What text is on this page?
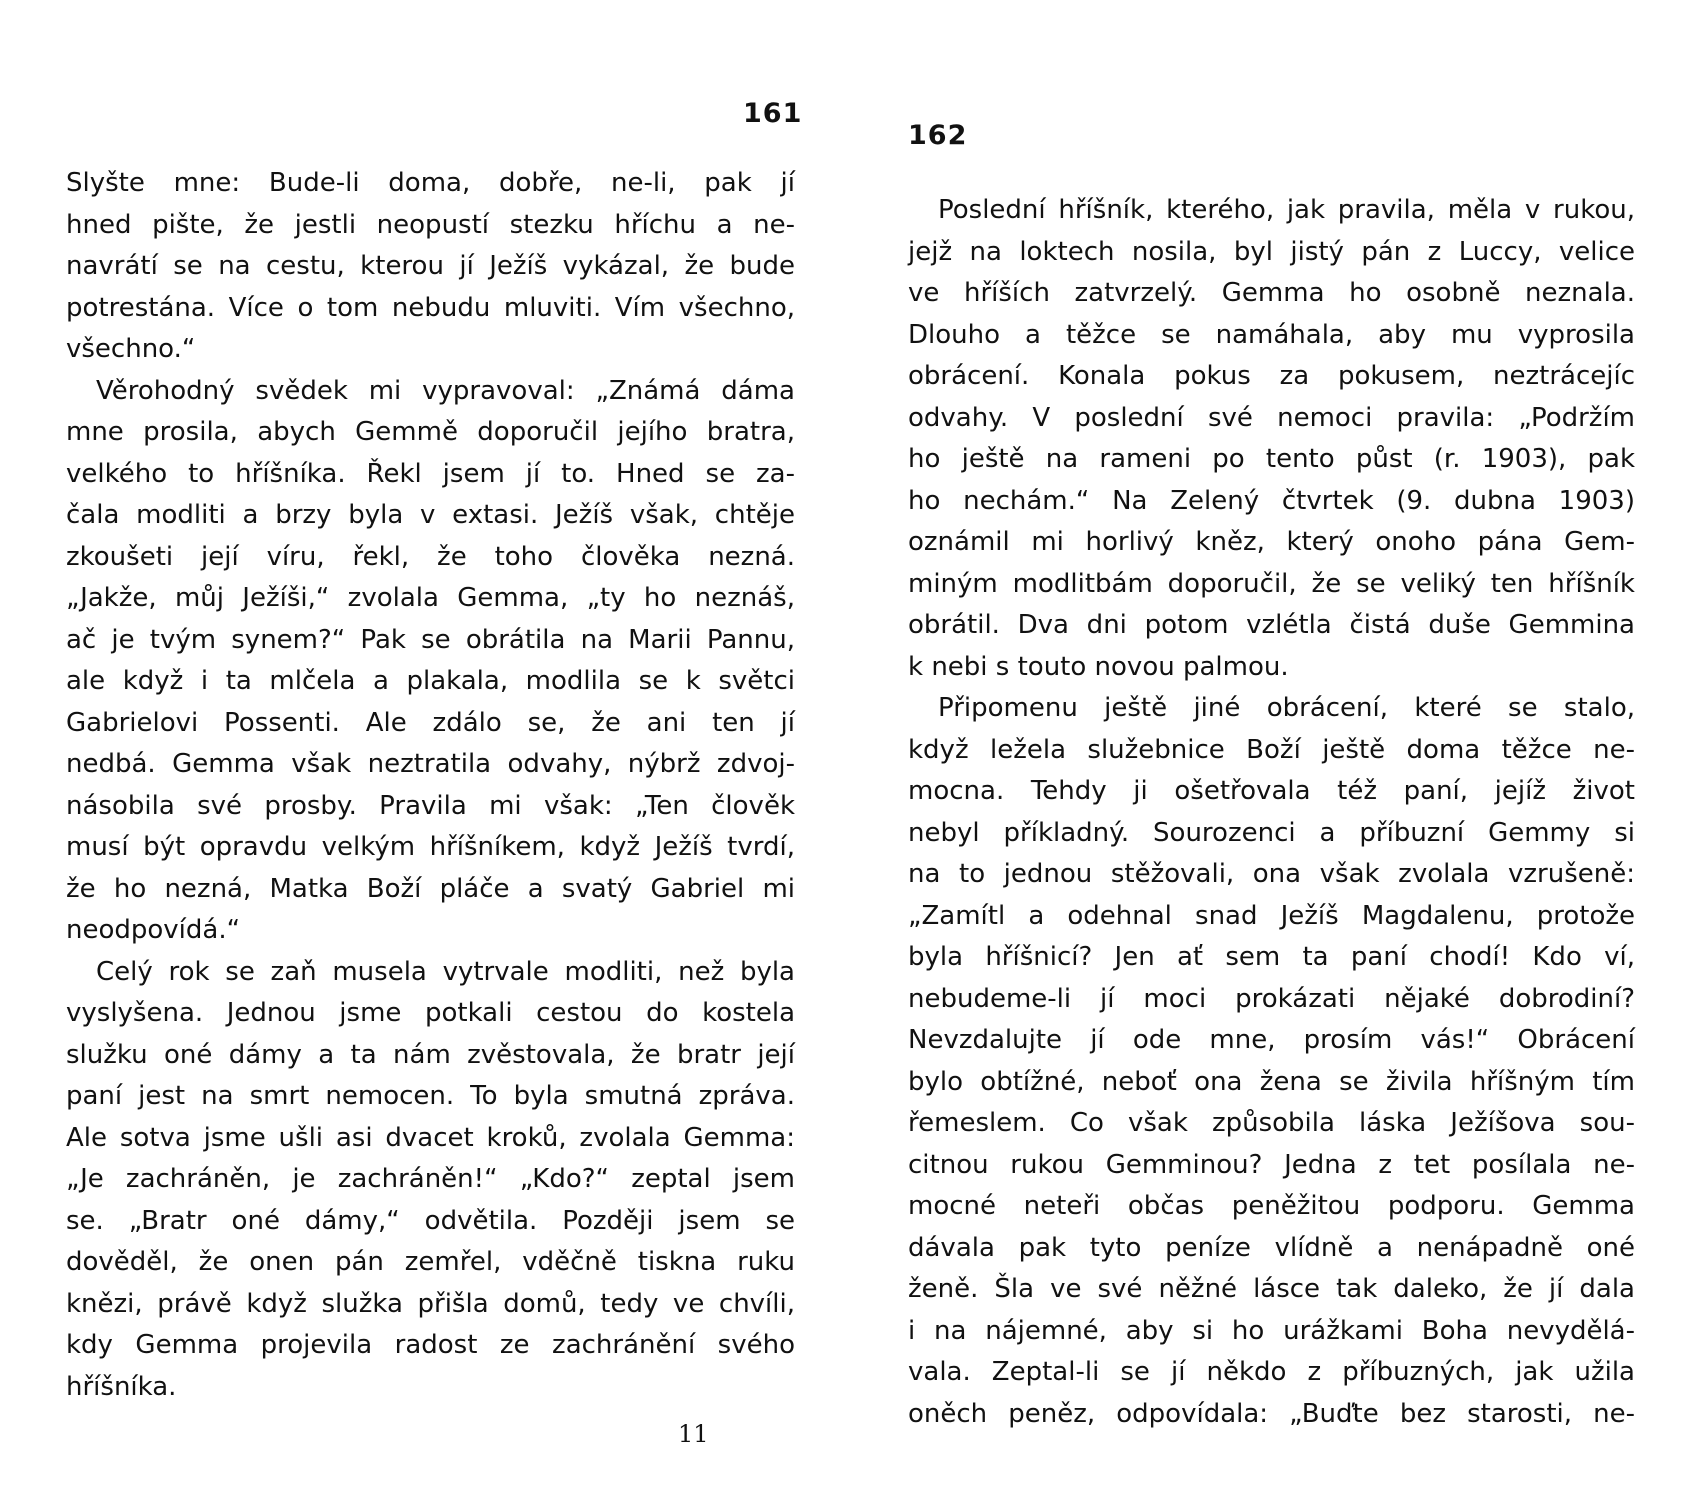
161
Slyšte mne: Bude-li doma, dobře, ne-li, pak jí
hned pište, že jestli neopustí stezku hříchu a ne-
navrátí se na cestu, kterou jí Ježíš vykázal, že bude
potrestána. Více o tom nebudu mluviti. Vím všechno,
všechno.“
Věrohodný svědek mi vypravoval: „Známá dáma
mne prosila, abych Gemmě doporučil jejího bratra,
velkého to hříšníka. Řekl jsem jí to. Hned se za-
čala modliti a brzy byla v extasi. Ježíš však, chtěje
zkoušeti její víru, řekl, že toho člověka nezná.
„Jakže, můj Ježíši,“ zvolala Gemma, „ty ho neznáš,
ač je tvým synem?“ Pak se obrátila na Marii Pannu,
ale když i ta mlčela a plakala, modlila se k světci
Gabrielovi Possenti. Ale zdálo se, že ani ten jí
nedbá. Gemma však neztratila odvahy, nýbrž zdvoj-
násobila své prosby. Pravila mi však: „Ten člověk
musí být opravdu velkým hříšníkem, když Ježíš tvrdí,
že ho nezná, Matka Boží pláče a svatý Gabriel mi
neodpovídá.“
Celý rok se zaň musela vytrvale modliti, než byla
vyslyšena. Jednou jsme potkali cestou do kostela
služku oné dámy a ta nám zvěstovala, že bratr její
paní jest na smrt nemocen. To byla smutná zpráva.
Ale sotva jsme ušli asi dvacet kroků, zvolala Gemma:
„Je zachráněn, je zachráněn!“ „Kdo?“ zeptal jsem
se. „Bratr oné dámy,“ odvětila. Později jsem se
dověděl, že onen pán zemřel, vděčně tiskna ruku
knězi, právě když služka přišla domů, tedy ve chvíli,
kdy Gemma projevila radost ze zachránění svého
hříšníka.
11
162
Poslední hříšník, kterého, jak pravila, měla v rukou,
jejž na loktech nosila, byl jistý pán z Luccy, velice
ve hříších zatvrzelý. Gemma ho osobně neznala.
Dlouho a těžce se namáhala, aby mu vyprosila
obrácení. Konala pokus za pokusem, neztrácejíc
odvahy. V poslední své nemoci pravila: „Podržím
ho ještě na rameni po tento půst (r. 1903), pak
ho nechám.“ Na Zelený čtvrtek (9. dubna 1903)
oznámil mi horlivý kněz, který onoho pána Gem-
miným modlitbám doporučil, že se veliký ten hříšník
obrátil. Dva dni potom vzlétla čistá duše Gemmina
k nebi s touto novou palmou.
Připomenu ještě jiné obrácení, které se stalo,
když ležela služebnice Boží ještě doma těžce ne-
mocna. Tehdy ji ošetřovala též paní, jejíž život
nebyl příkladný. Sourozenci a příbuzní Gemmy si
na to jednou stěžovali, ona však zvolala vzrušeně:
„Zamítl a odehnal snad Ježíš Magdalenu, protože
byla hříšnicí? Jen ať sem ta paní chodí! Kdo ví,
nebudeme-li jí moci prokázati nějaké dobrodiní?
Nevzdalujte jí ode mne, prosím vás!“ Obrácení
bylo obtížné, neboť ona žena se živila hříšným tím
řemeslem. Co však způsobila láska Ježíšova sou-
citnou rukou Gemminou? Jedna z tet posílala ne-
mocné neteři občas peněžitou podporu. Gemma
dávala pak tyto peníze vlídně a nenápadně oné
ženě. Šla ve své něžné lásce tak daleko, že jí dala
i na nájemné, aby si ho urážkami Boha nevydělá-
vala. Zeptal-li se jí někdo z příbuzných, jak užila
oněch peněz, odpovídala: „Buďte bez starosti, ne-
